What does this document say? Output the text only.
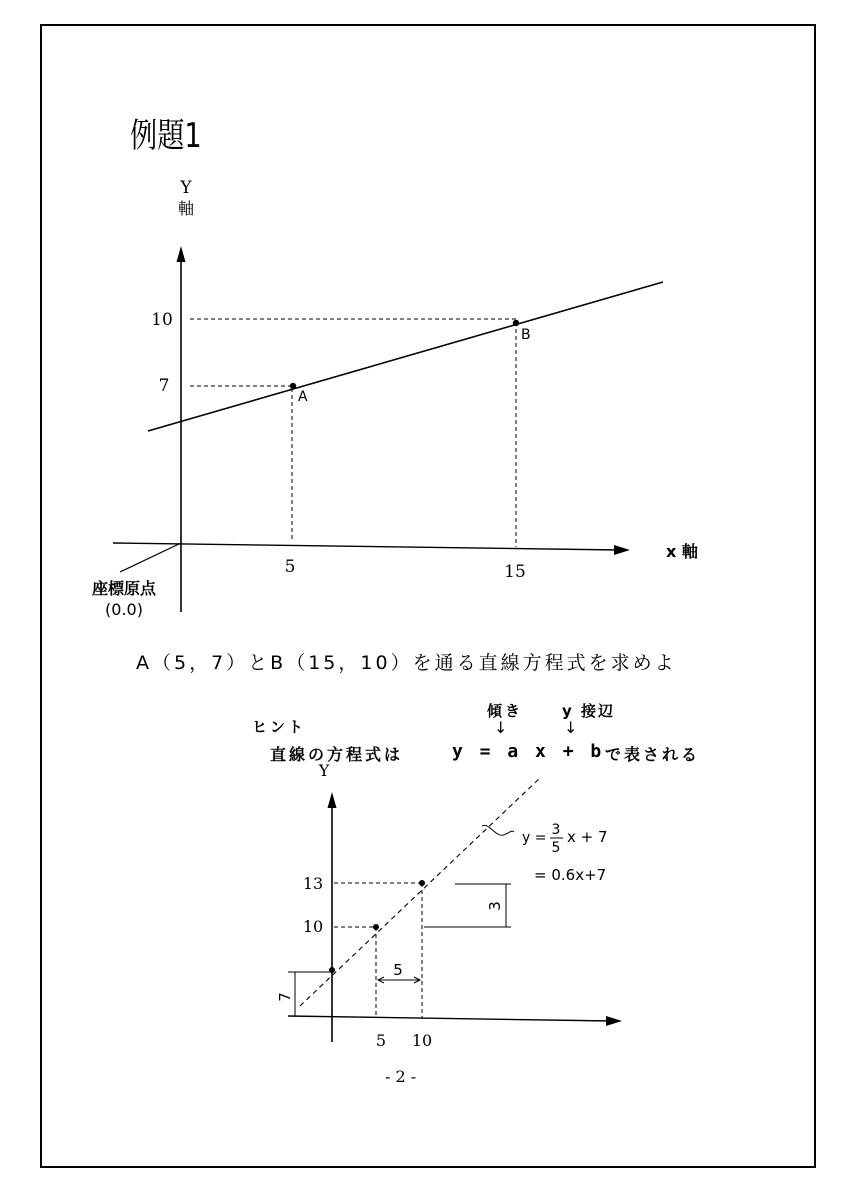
例題1
Y
軸
A
B
10
7
5	15
x 軸
座標原点
(0.0)
A（5，7）とB（15，10）を通る直線方程式を求めよ
ヒント
傾き	y 接辺
↓	↓
直線の方程式は	y = a x + b で表される
Y
13
10
5 10
7
5
3
y = 3
5
x + 7
= 0.6x+7
- 2 -
